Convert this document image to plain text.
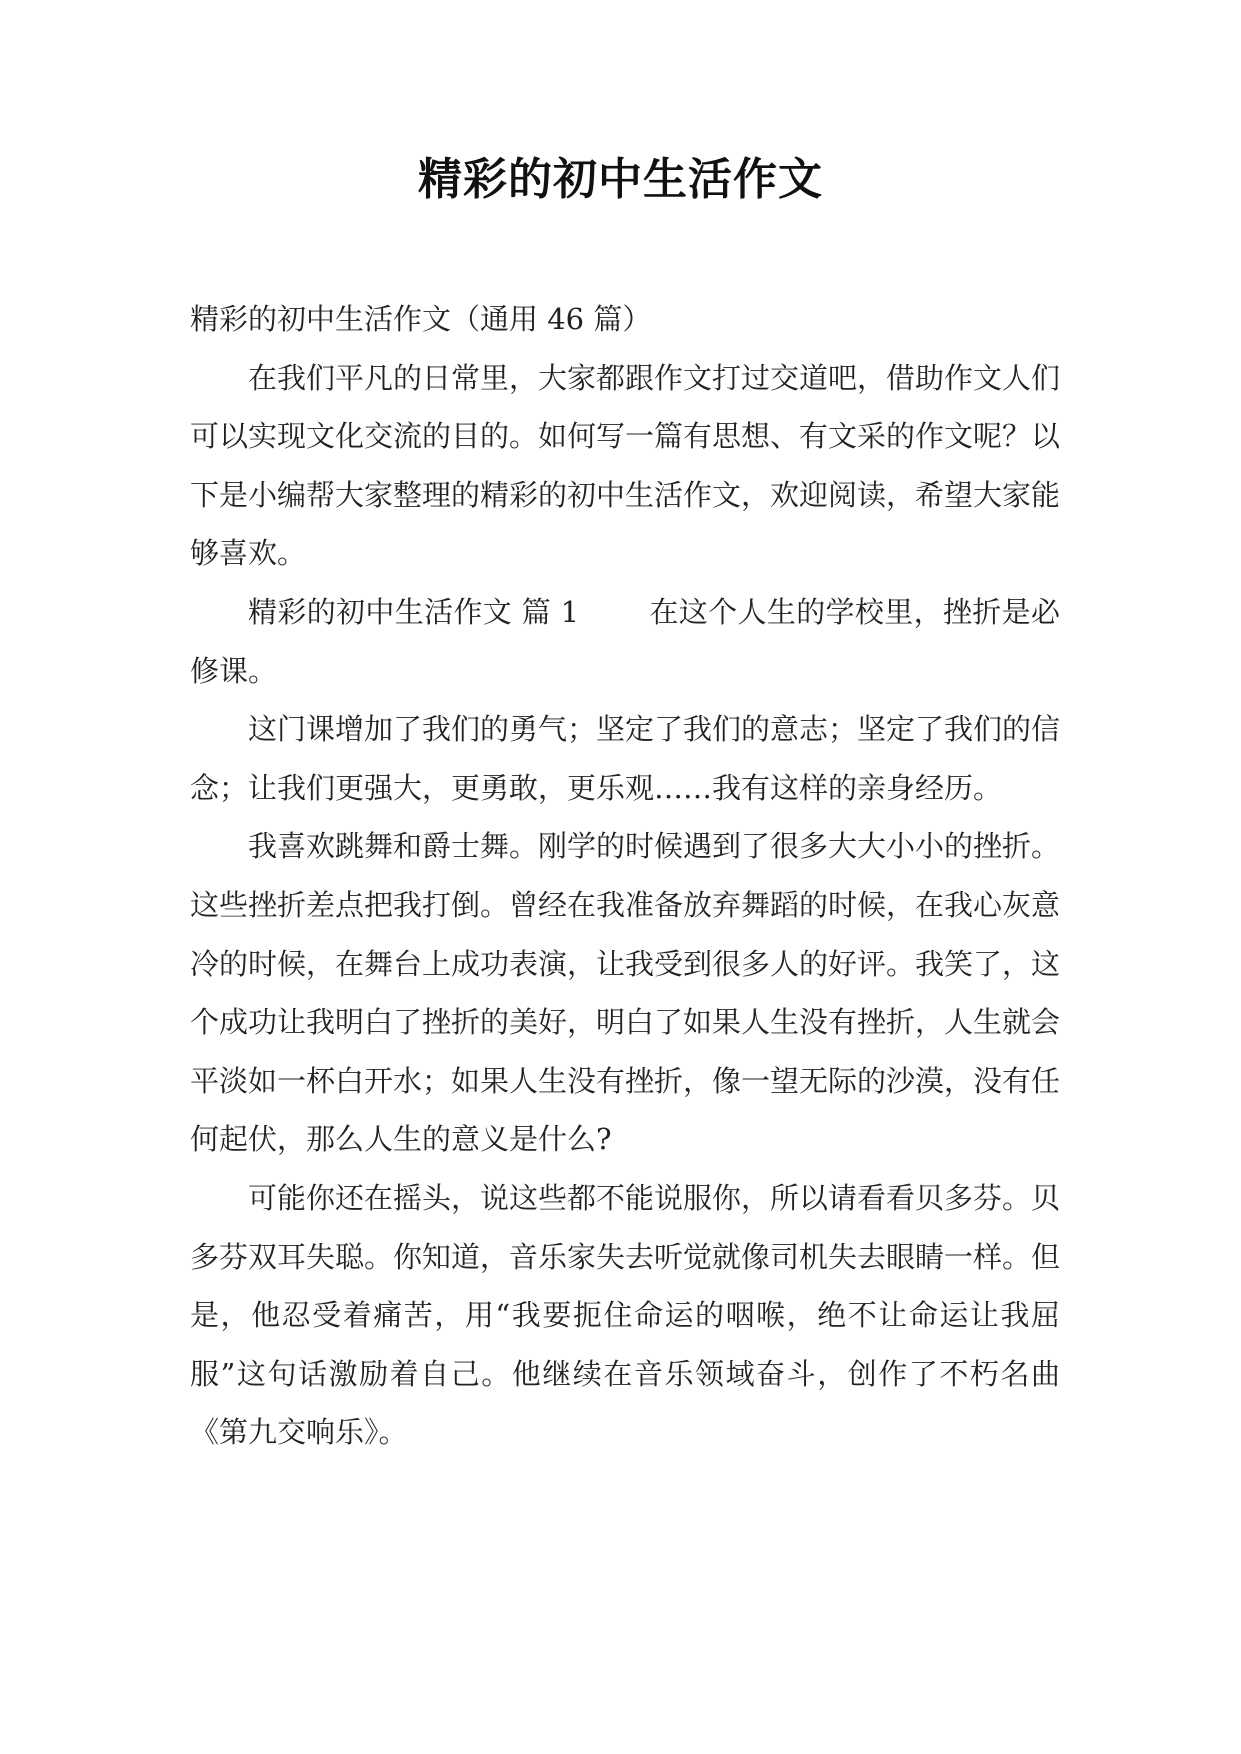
精彩的初中生活作文

精彩的初中生活作文（通用 46 篇）

在我们平凡的日常里，大家都跟作文打过交道吧，借助作文人们可以实现文化交流的目的。如何写一篇有思想、有文采的作文呢？以下是小编帮大家整理的精彩的初中生活作文，欢迎阅读，希望大家能够喜欢。

精彩的初中生活作文 篇 1 在这个人生的学校里，挫折是必修课。

这门课增加了我们的勇气；坚定了我们的意志；坚定了我们的信念；让我们更强大，更勇敢，更乐观……我有这样的亲身经历。

我喜欢跳舞和爵士舞。刚学的时候遇到了很多大大小小的挫折。这些挫折差点把我打倒。曾经在我准备放弃舞蹈的时候，在我心灰意冷的时候，在舞台上成功表演，让我受到很多人的好评。我笑了，这个成功让我明白了挫折的美好，明白了如果人生没有挫折，人生就会平淡如一杯白开水；如果人生没有挫折，像一望无际的沙漠，没有任何起伏，那么人生的意义是什么?

可能你还在摇头，说这些都不能说服你，所以请看看贝多芬。贝多芬双耳失聪。你知道，音乐家失去听觉就像司机失去眼睛一样。但是，他忍受着痛苦，用“我要扼住命运的咽喉，绝不让命运让我屈服”这句话激励着自己。他继续在音乐领域奋斗，创作了不朽名曲《第九交响乐》。
